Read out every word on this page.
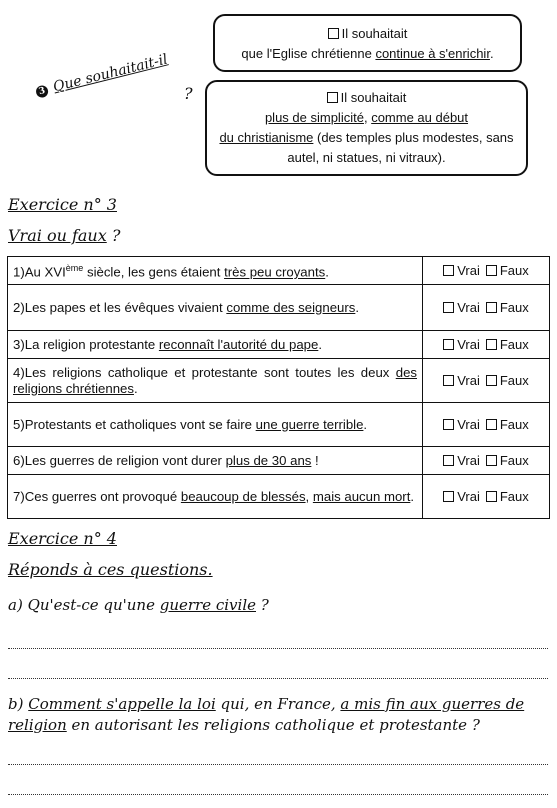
3 Que souhaitait-il ?
Il souhaitait
que l'Eglise chrétienne continue à s'enrichir.
Il souhaitait
plus de simplicité, comme au début
du christianisme (des temples plus modestes, sans autel, ni statues, ni vitraux).
Exercice n° 3
Vrai ou faux ?
1)Au XVIème siècle, les gens étaient très peu croyants.	Vrai Faux
2)Les papes et les évêques vivaient comme des seigneurs.	Vrai Faux
3)La religion protestante reconnaît l'autorité du pape.	Vrai Faux
4)Les religions catholique et protestante sont toutes les deux des religions chrétiennes.	Vrai Faux
5)Protestants et catholiques vont se faire une guerre terrible.	Vrai Faux
6)Les guerres de religion vont durer plus de 30 ans !	Vrai Faux
7)Ces guerres ont provoqué beaucoup de blessés, mais aucun mort.	Vrai Faux
Exercice n° 4
Réponds à ces questions.
a) Qu'est-ce qu'une guerre civile ?
b) Comment s'appelle la loi qui, en France, a mis fin aux guerres de religion en autorisant les religions catholique et protestante ?
